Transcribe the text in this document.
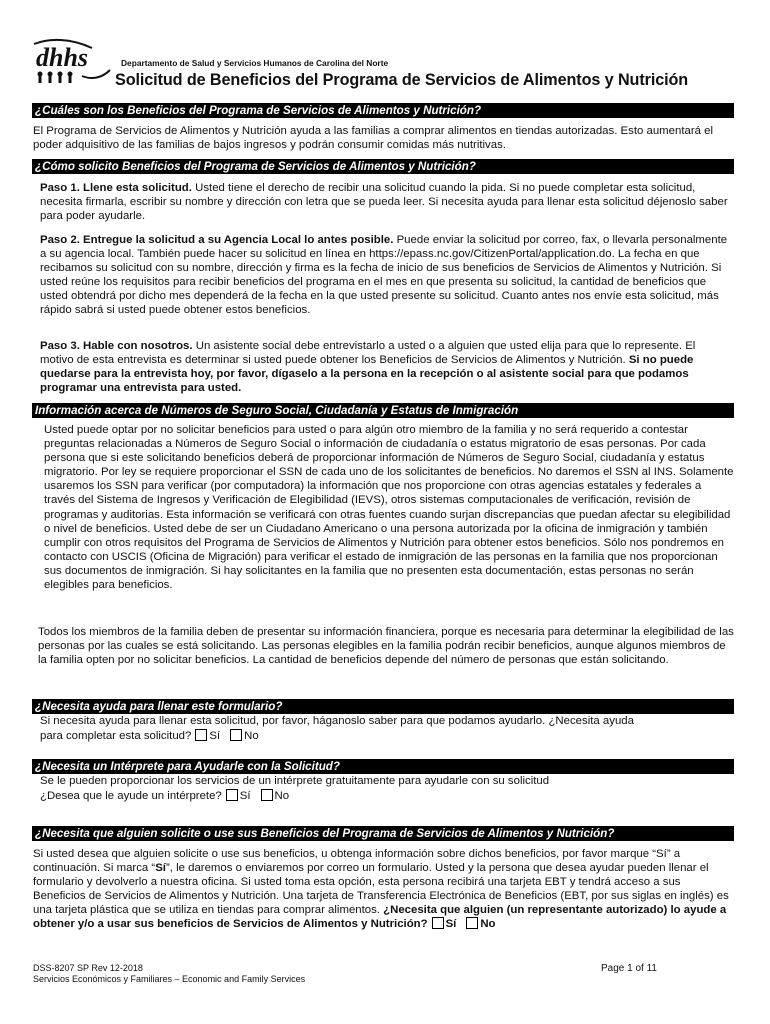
dhhs	Departamento de Salud y Servicios Humanos de Carolina del Norte
Solicitud de Beneficios del Programa de Servicios de Alimentos y Nutrición
¿Cuáles son los Beneficios del Programa de Servicios de Alimentos y Nutrición?

El Programa de Servicios de Alimentos y Nutrición ayuda a las familias a comprar alimentos en tiendas autorizadas. Esto aumentará el poder adquisitivo de las familias de bajos ingresos y podrán consumir comidas más nutritivas.

¿Cómo solicito Beneficios del Programa de Servicios de Alimentos y Nutrición?

Paso 1. Llene esta solicitud. Usted tiene el derecho de recibir una solicitud cuando la pida. Si no puede completar esta solicitud, necesita firmarla, escribir su nombre y dirección con letra que se pueda leer. Si necesita ayuda para llenar esta solicitud déjenoslo saber para poder ayudarle.

Paso 2. Entregue la solicitud a su Agencia Local lo antes posible. Puede enviar la solicitud por correo, fax, o llevarla personalmente a su agencia local. También puede hacer su solicitud en línea en https://epass.nc.gov/CitizenPortal/application.do. La fecha en que recibamos su solicitud con su nombre, dirección y firma es la fecha de inicio de sus beneficios de Servicios de Alimentos y Nutrición. Si usted reúne los requisitos para recibir beneficios del programa en el mes en que presenta su solicitud, la cantidad de beneficios que usted obtendrá por dicho mes dependerá de la fecha en la que usted presente su solicitud. Cuanto antes nos envíe esta solicitud, más rápido sabrá si usted puede obtener estos beneficios.

Paso 3. Hable con nosotros. Un asistente social debe entrevistarlo a usted o a alguien que usted elija para que lo represente. El motivo de esta entrevista es determinar si usted puede obtener los Beneficios de Servicios de Alimentos y Nutrición. Si no puede quedarse para la entrevista hoy, por favor, dígaselo a la persona en la recepción o al asistente social para que podamos programar una entrevista para usted.

Información acerca de Números de Seguro Social, Ciudadanía y Estatus de Inmigración

Usted puede optar por no solicitar beneficios para usted o para algún otro miembro de la familia y no será requerido a contestar preguntas relacionadas a Números de Seguro Social o información de ciudadanía o estatus migratorio de esas personas. Por cada persona que si este solicitando beneficios deberá de proporcionar información de Números de Seguro Social, ciudadanía y estatus migratorio. Por ley se requiere proporcionar el SSN de cada uno de los solicitantes de beneficios. No daremos el SSN al INS. Solamente usaremos los SSN para verificar (por computadora) la información que nos proporcione con otras agencias estatales y federales a través del Sistema de Ingresos y Verificación de Elegibilidad (IEVS), otros sistemas computacionales de verificación, revisión de programas y auditorias. Esta información se verificará con otras fuentes cuando surjan discrepancias que puedan afectar su elegibilidad o nivel de beneficios. Usted debe de ser un Ciudadano Americano o una persona autorizada por la oficina de inmigración y también cumplir con otros requisitos del Programa de Servicios de Alimentos y Nutrición para obtener estos beneficios. Sólo nos pondremos en contacto con USCIS (Oficina de Migración) para verificar el estado de inmigración de las personas en la familia que nos proporcionan sus documentos de inmigración. Si hay solicitantes en la familia que no presenten esta documentación, estas personas no serán elegibles para beneficios.

Todos los miembros de la familia deben de presentar su información financiera, porque es necesaria para determinar la elegibilidad de las personas por las cuales se está solicitando. Las personas elegibles en la familia podrán recibir beneficios, aunque algunos miembros de la familia opten por no solicitar beneficios. La cantidad de beneficios depende del número de personas que están solicitando.

¿Necesita ayuda para llenar este formulario?

Si necesita ayuda para llenar esta solicitud, por favor, háganoslo saber para que podamos ayudarlo. ¿Necesita ayuda

para completar esta solicitud? Sí No

¿Necesita un Intérprete para Ayudarle con la Solicitud?

Se le pueden proporcionar los servicios de un intérprete gratuitamente para ayudarle con su solicitud

¿Desea que le ayude un intérprete? Sí No

¿Necesita que alguien solicite o use sus Beneficios del Programa de Servicios de Alimentos y Nutrición?

Si usted desea que alguien solicite o use sus beneficios, u obtenga información sobre dichos beneficios, por favor marque “Sí” a continuación. Si marca “Sí”, le daremos o enviaremos por correo un formulario. Usted y la persona que desea ayudar pueden llenar el formulario y devolverlo a nuestra oficina. Si usted toma esta opción, esta persona recibirá una tarjeta EBT y tendrá acceso a sus Beneficios de Servicios de Alimentos y Nutrición. Una tarjeta de Transferencia Electrónica de Beneficios (EBT, por sus siglas en inglés) es una tarjeta plástica que se utiliza en tiendas para comprar alimentos. ¿Necesita que alguien (un representante autorizado) lo ayude a obtener y/o a usar sus beneficios de Servicios de Alimentos y Nutrición? Sí No

DSS-8207 SP Rev 12-2018
Servicios Económicos y Familiares – Economic and Family Services
Page 1 of 11
